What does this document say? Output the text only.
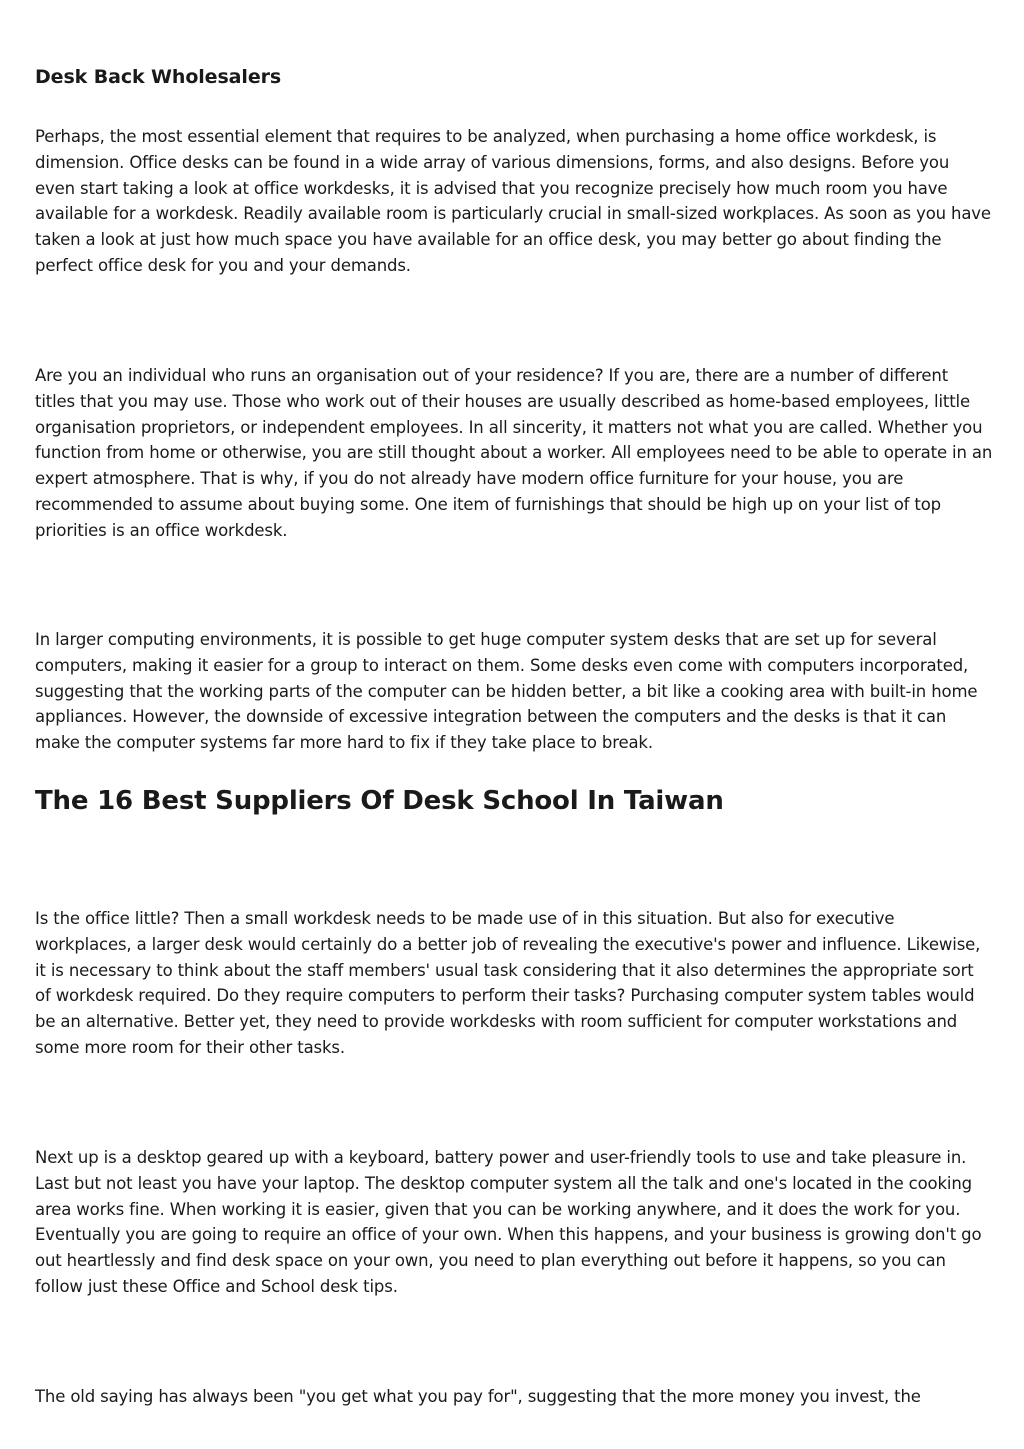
Desk Back Wholesalers

Perhaps, the most essential element that requires to be analyzed, when purchasing a home office workdesk, is dimension. Office desks can be found in a wide array of various dimensions, forms, and also designs. Before you even start taking a look at office workdesks, it is advised that you recognize precisely how much room you have available for a workdesk. Readily available room is particularly crucial in small-sized workplaces. As soon as you have taken a look at just how much space you have available for an office desk, you may better go about finding the perfect office desk for you and your demands.

Are you an individual who runs an organisation out of your residence? If you are, there are a number of different titles that you may use. Those who work out of their houses are usually described as home-based employees, little organisation proprietors, or independent employees. In all sincerity, it matters not what you are called. Whether you function from home or otherwise, you are still thought about a worker. All employees need to be able to operate in an expert atmosphere. That is why, if you do not already have modern office furniture for your house, you are recommended to assume about buying some. One item of furnishings that should be high up on your list of top priorities is an office workdesk.

In larger computing environments, it is possible to get huge computer system desks that are set up for several computers, making it easier for a group to interact on them. Some desks even come with computers incorporated, suggesting that the working parts of the computer can be hidden better, a bit like a cooking area with built-in home appliances. However, the downside of excessive integration between the computers and the desks is that it can make the computer systems far more hard to fix if they take place to break.

The 16 Best Suppliers Of Desk School In Taiwan

Is the office little? Then a small workdesk needs to be made use of in this situation. But also for executive workplaces, a larger desk would certainly do a better job of revealing the executive's power and influence. Likewise, it is necessary to think about the staff members' usual task considering that it also determines the appropriate sort of workdesk required. Do they require computers to perform their tasks? Purchasing computer system tables would be an alternative. Better yet, they need to provide workdesks with room sufficient for computer workstations and some more room for their other tasks.

Next up is a desktop geared up with a keyboard, battery power and user-friendly tools to use and take pleasure in. Last but not least you have your laptop. The desktop computer system all the talk and one's located in the cooking area works fine. When working it is easier, given that you can be working anywhere, and it does the work for you. Eventually you are going to require an office of your own. When this happens, and your business is growing don't go out heartlessly and find desk space on your own, you need to plan everything out before it happens, so you can follow just these Office and School desk tips.

The old saying has always been "you get what you pay for", suggesting that the more money you invest, the
